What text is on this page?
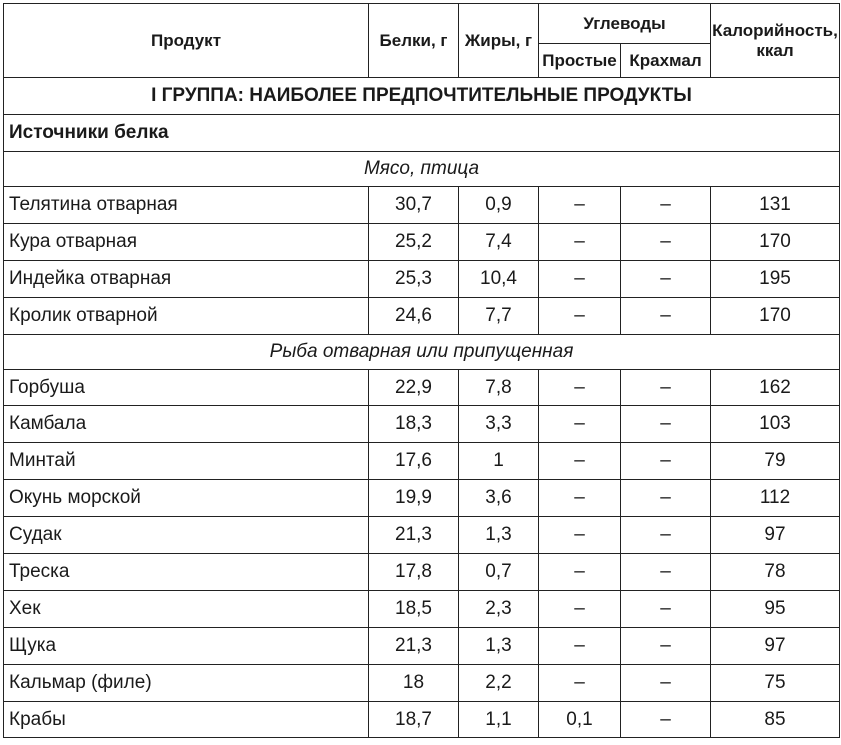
Продукт	Белки, г	Жиры, г	Углеводы		Калорийность,
ккал
			Простые	Крахмал	
I ГРУППА: НАИБОЛЕЕ ПРЕДПОЧТИТЕЛЬНЫЕ ПРОДУКТЫ					
Источники белка					
Мясо, птица					
Телятина отварная	30,7	0,9	–	–	131
Кура отварная	25,2	7,4	–	–	170
Индейка отварная	25,3	10,4	–	–	195
Кролик отварной	24,6	7,7	–	–	170
Рыба отварная или припущенная					
Горбуша	22,9	7,8	–	–	162
Камбала	18,3	3,3	–	–	103
Минтай	17,6	1	–	–	79
Окунь морской	19,9	3,6	–	–	112
Судак	21,3	1,3	–	–	97
Треска	17,8	0,7	–	–	78
Хек	18,5	2,3	–	–	95
Щука	21,3	1,3	–	–	97
Кальмар (филе)	18	2,2	–	–	75
Крабы	18,7	1,1	0,1	–	85
